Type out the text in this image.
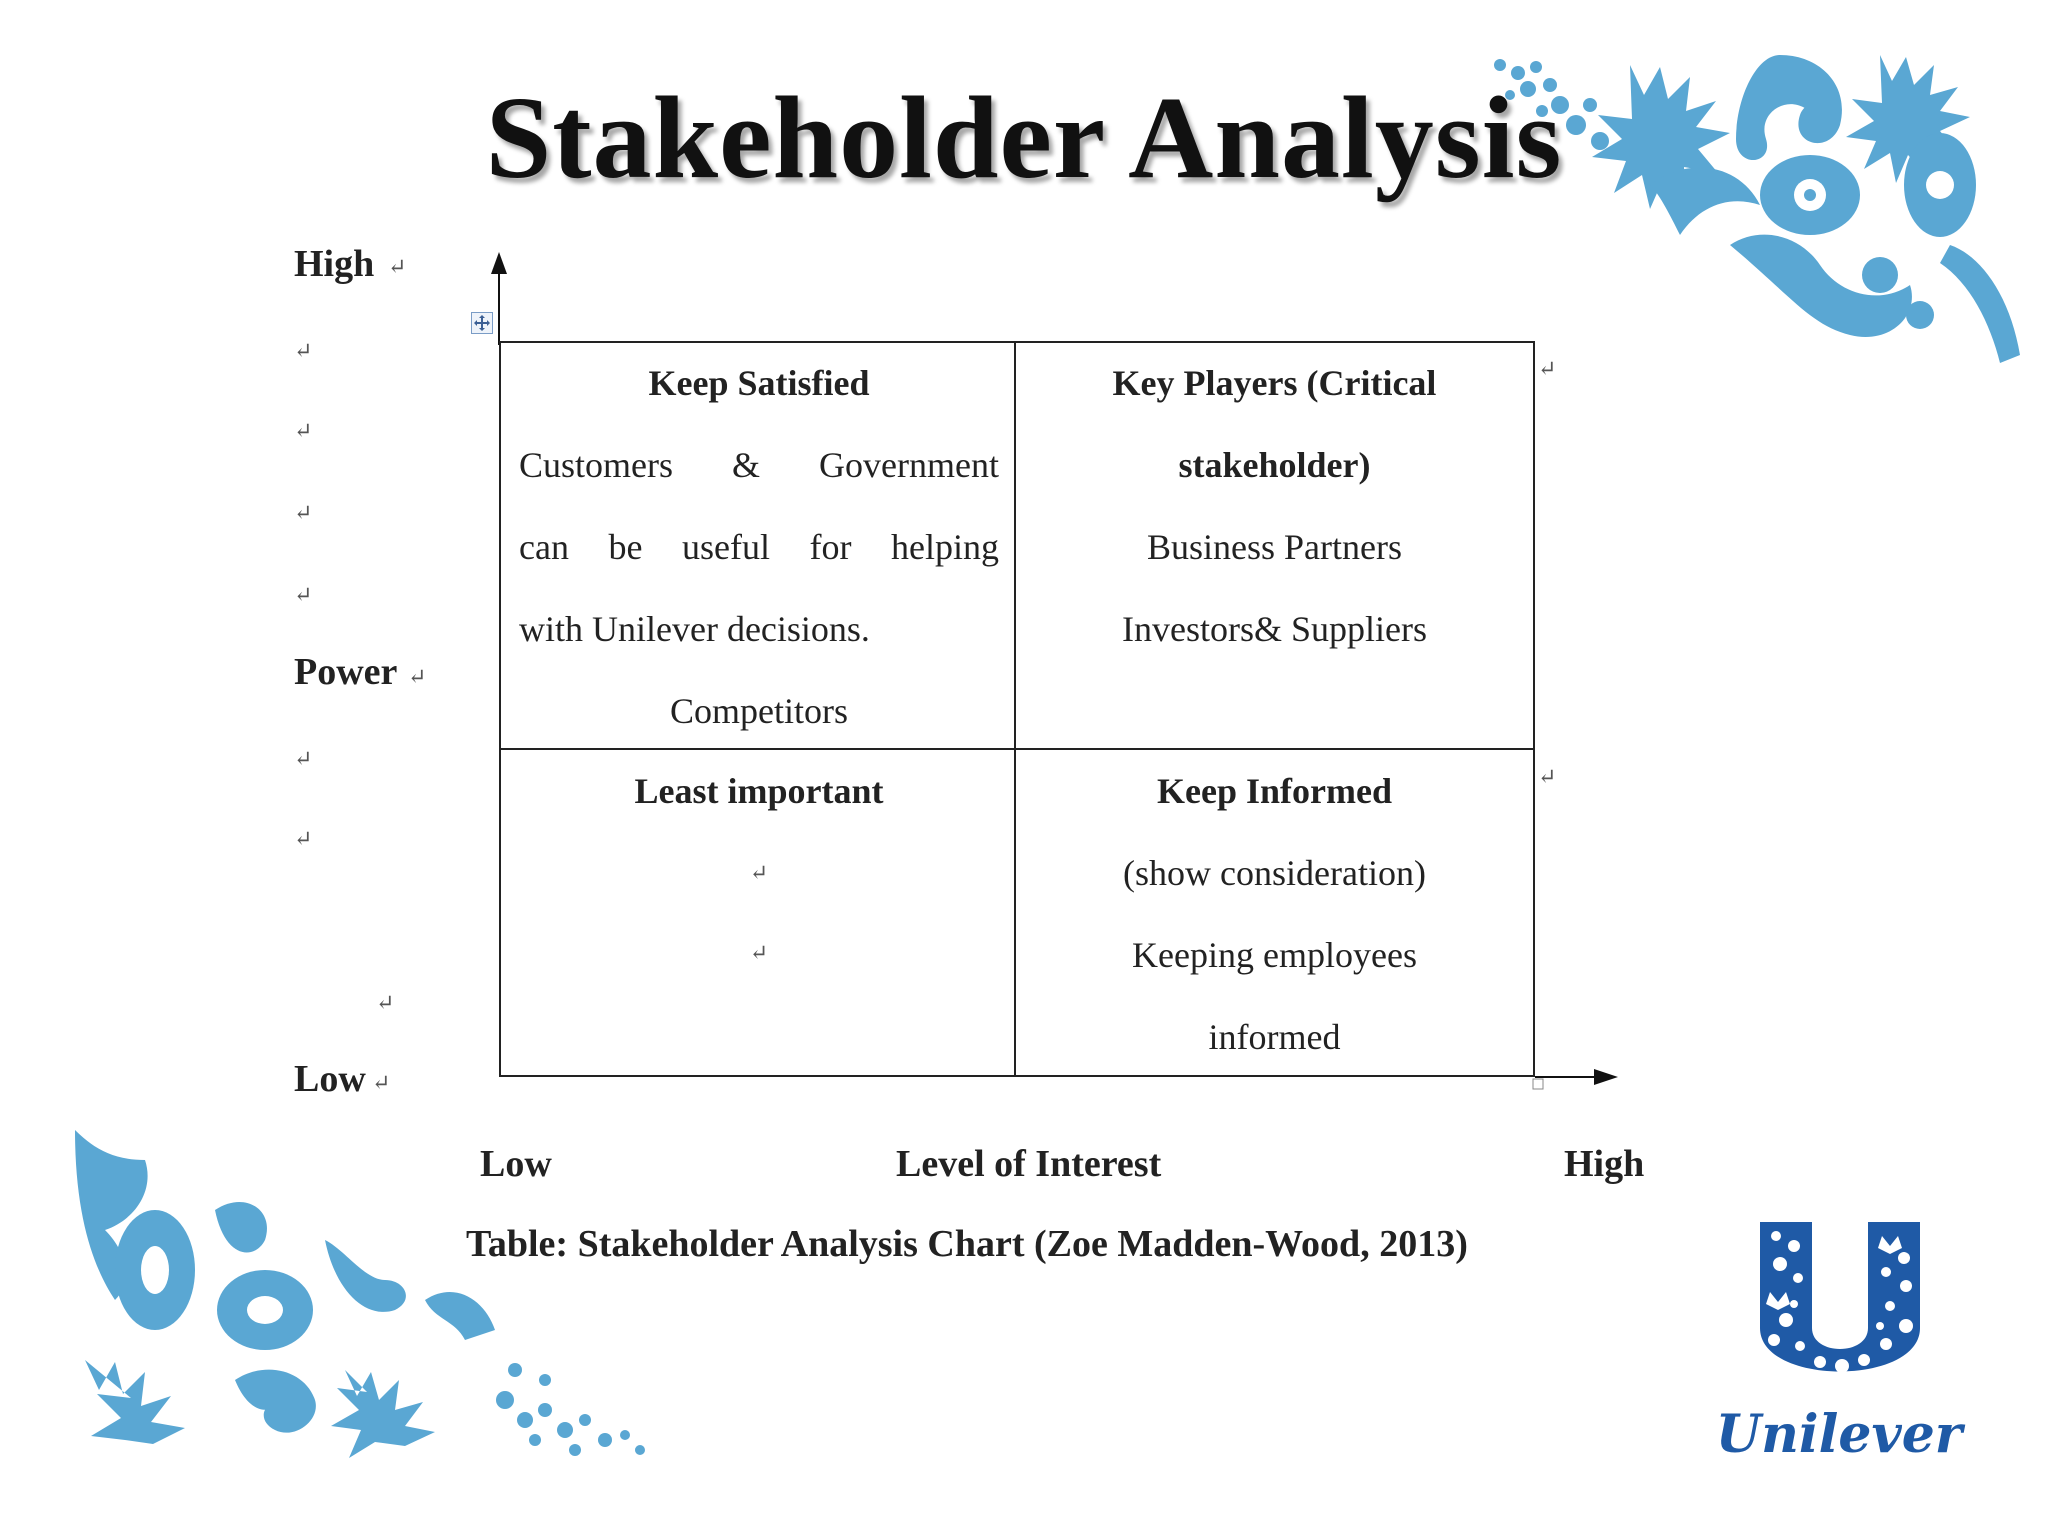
Stakeholder Analysis
High
Power
Low
↵
↵
↵
↵
↵
↵
↵
↵
↵
↵
↵
↵
Keep Satisfied
Customers & Government
can be useful for helping
with Unilever decisions.
Competitors
Key Players (Critical
stakeholder)
Business Partners
Investors& Suppliers
Least important
↵
↵
Keep Informed
(show consideration)
Keeping employees
informed
Low	Level of Interest	High
Table: Stakeholder Analysis Chart (Zoe Madden-Wood, 2013)
Unilever
